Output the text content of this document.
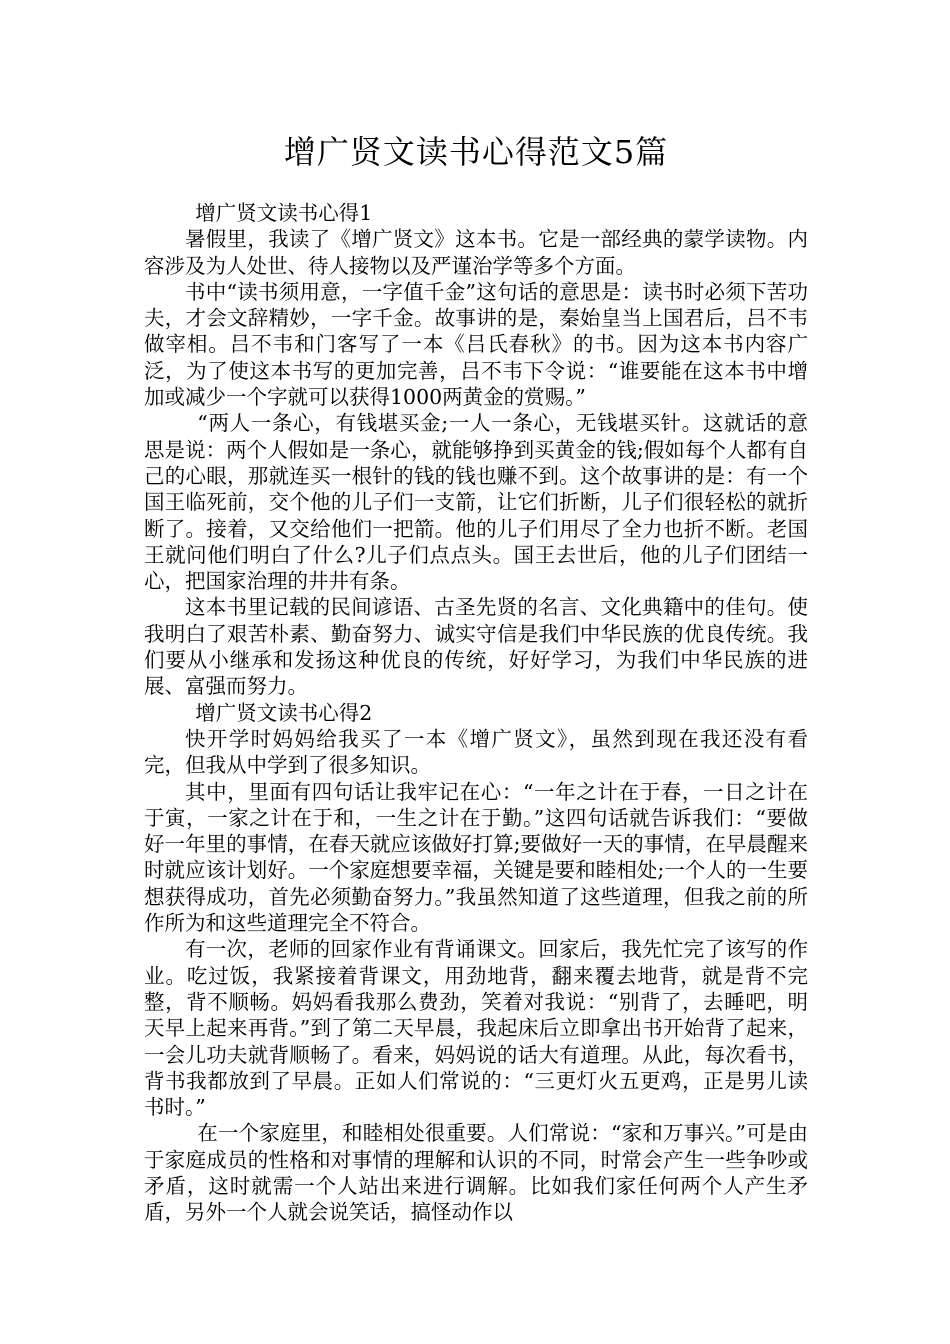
增广贤文读书心得范文5篇

增广贤文读书心得1

暑假里，我读了《增广贤文》这本书。它是一部经典的蒙学读物。内容涉及为人处世、待人接物以及严谨治学等多个方面。

书中“读书须用意，一字值千金”这句话的意思是：读书时必须下苦功夫，才会文辞精妙，一字千金。故事讲的是，秦始皇当上国君后，吕不韦做宰相。吕不韦和门客写了一本《吕氏春秋》的书。因为这本书内容广泛，为了使这本书写的更加完善，吕不韦下令说：“谁要能在这本书中增加或减少一个字就可以获得1000两黄金的赏赐。”

“两人一条心，有钱堪买金;一人一条心，无钱堪买针。这就话的意思是说：两个人假如是一条心，就能够挣到买黄金的钱;假如每个人都有自己的心眼，那就连买一根针的钱的钱也赚不到。这个故事讲的是：有一个国王临死前，交个他的儿子们一支箭，让它们折断，儿子们很轻松的就折断了。接着，又交给他们一把箭。他的儿子们用尽了全力也折不断。老国王就问他们明白了什么?儿子们点点头。国王去世后，他的儿子们团结一心，把国家治理的井井有条。

这本书里记载的民间谚语、古圣先贤的名言、文化典籍中的佳句。使我明白了艰苦朴素、勤奋努力、诚实守信是我们中华民族的优良传统。我们要从小继承和发扬这种优良的传统，好好学习，为我们中华民族的进展、富强而努力。

增广贤文读书心得2

快开学时妈妈给我买了一本《增广贤文》，虽然到现在我还没有看完，但我从中学到了很多知识。

其中，里面有四句话让我牢记在心：“一年之计在于春，一日之计在于寅，一家之计在于和，一生之计在于勤。”这四句话就告诉我们：“要做好一年里的事情，在春天就应该做好打算;要做好一天的事情，在早晨醒来时就应该计划好。一个家庭想要幸福，关键是要和睦相处;一个人的一生要想获得成功，首先必须勤奋努力。”我虽然知道了这些道理，但我之前的所作所为和这些道理完全不符合。

有一次，老师的回家作业有背诵课文。回家后，我先忙完了该写的作业。吃过饭，我紧接着背课文，用劲地背，翻来覆去地背，就是背不完整，背不顺畅。妈妈看我那么费劲，笑着对我说：“别背了，去睡吧，明天早上起来再背。”到了第二天早晨，我起床后立即拿出书开始背了起来，一会儿功夫就背顺畅了。看来，妈妈说的话大有道理。从此，每次看书，背书我都放到了早晨。正如人们常说的：“三更灯火五更鸡，正是男儿读书时。”

在一个家庭里，和睦相处很重要。人们常说：“家和万事兴。”可是由于家庭成员的性格和对事情的理解和认识的不同，时常会产生一些争吵或矛盾，这时就需一个人站出来进行调解。比如我们家任何两个人产生矛盾，另外一个人就会说笑话，搞怪动作以
